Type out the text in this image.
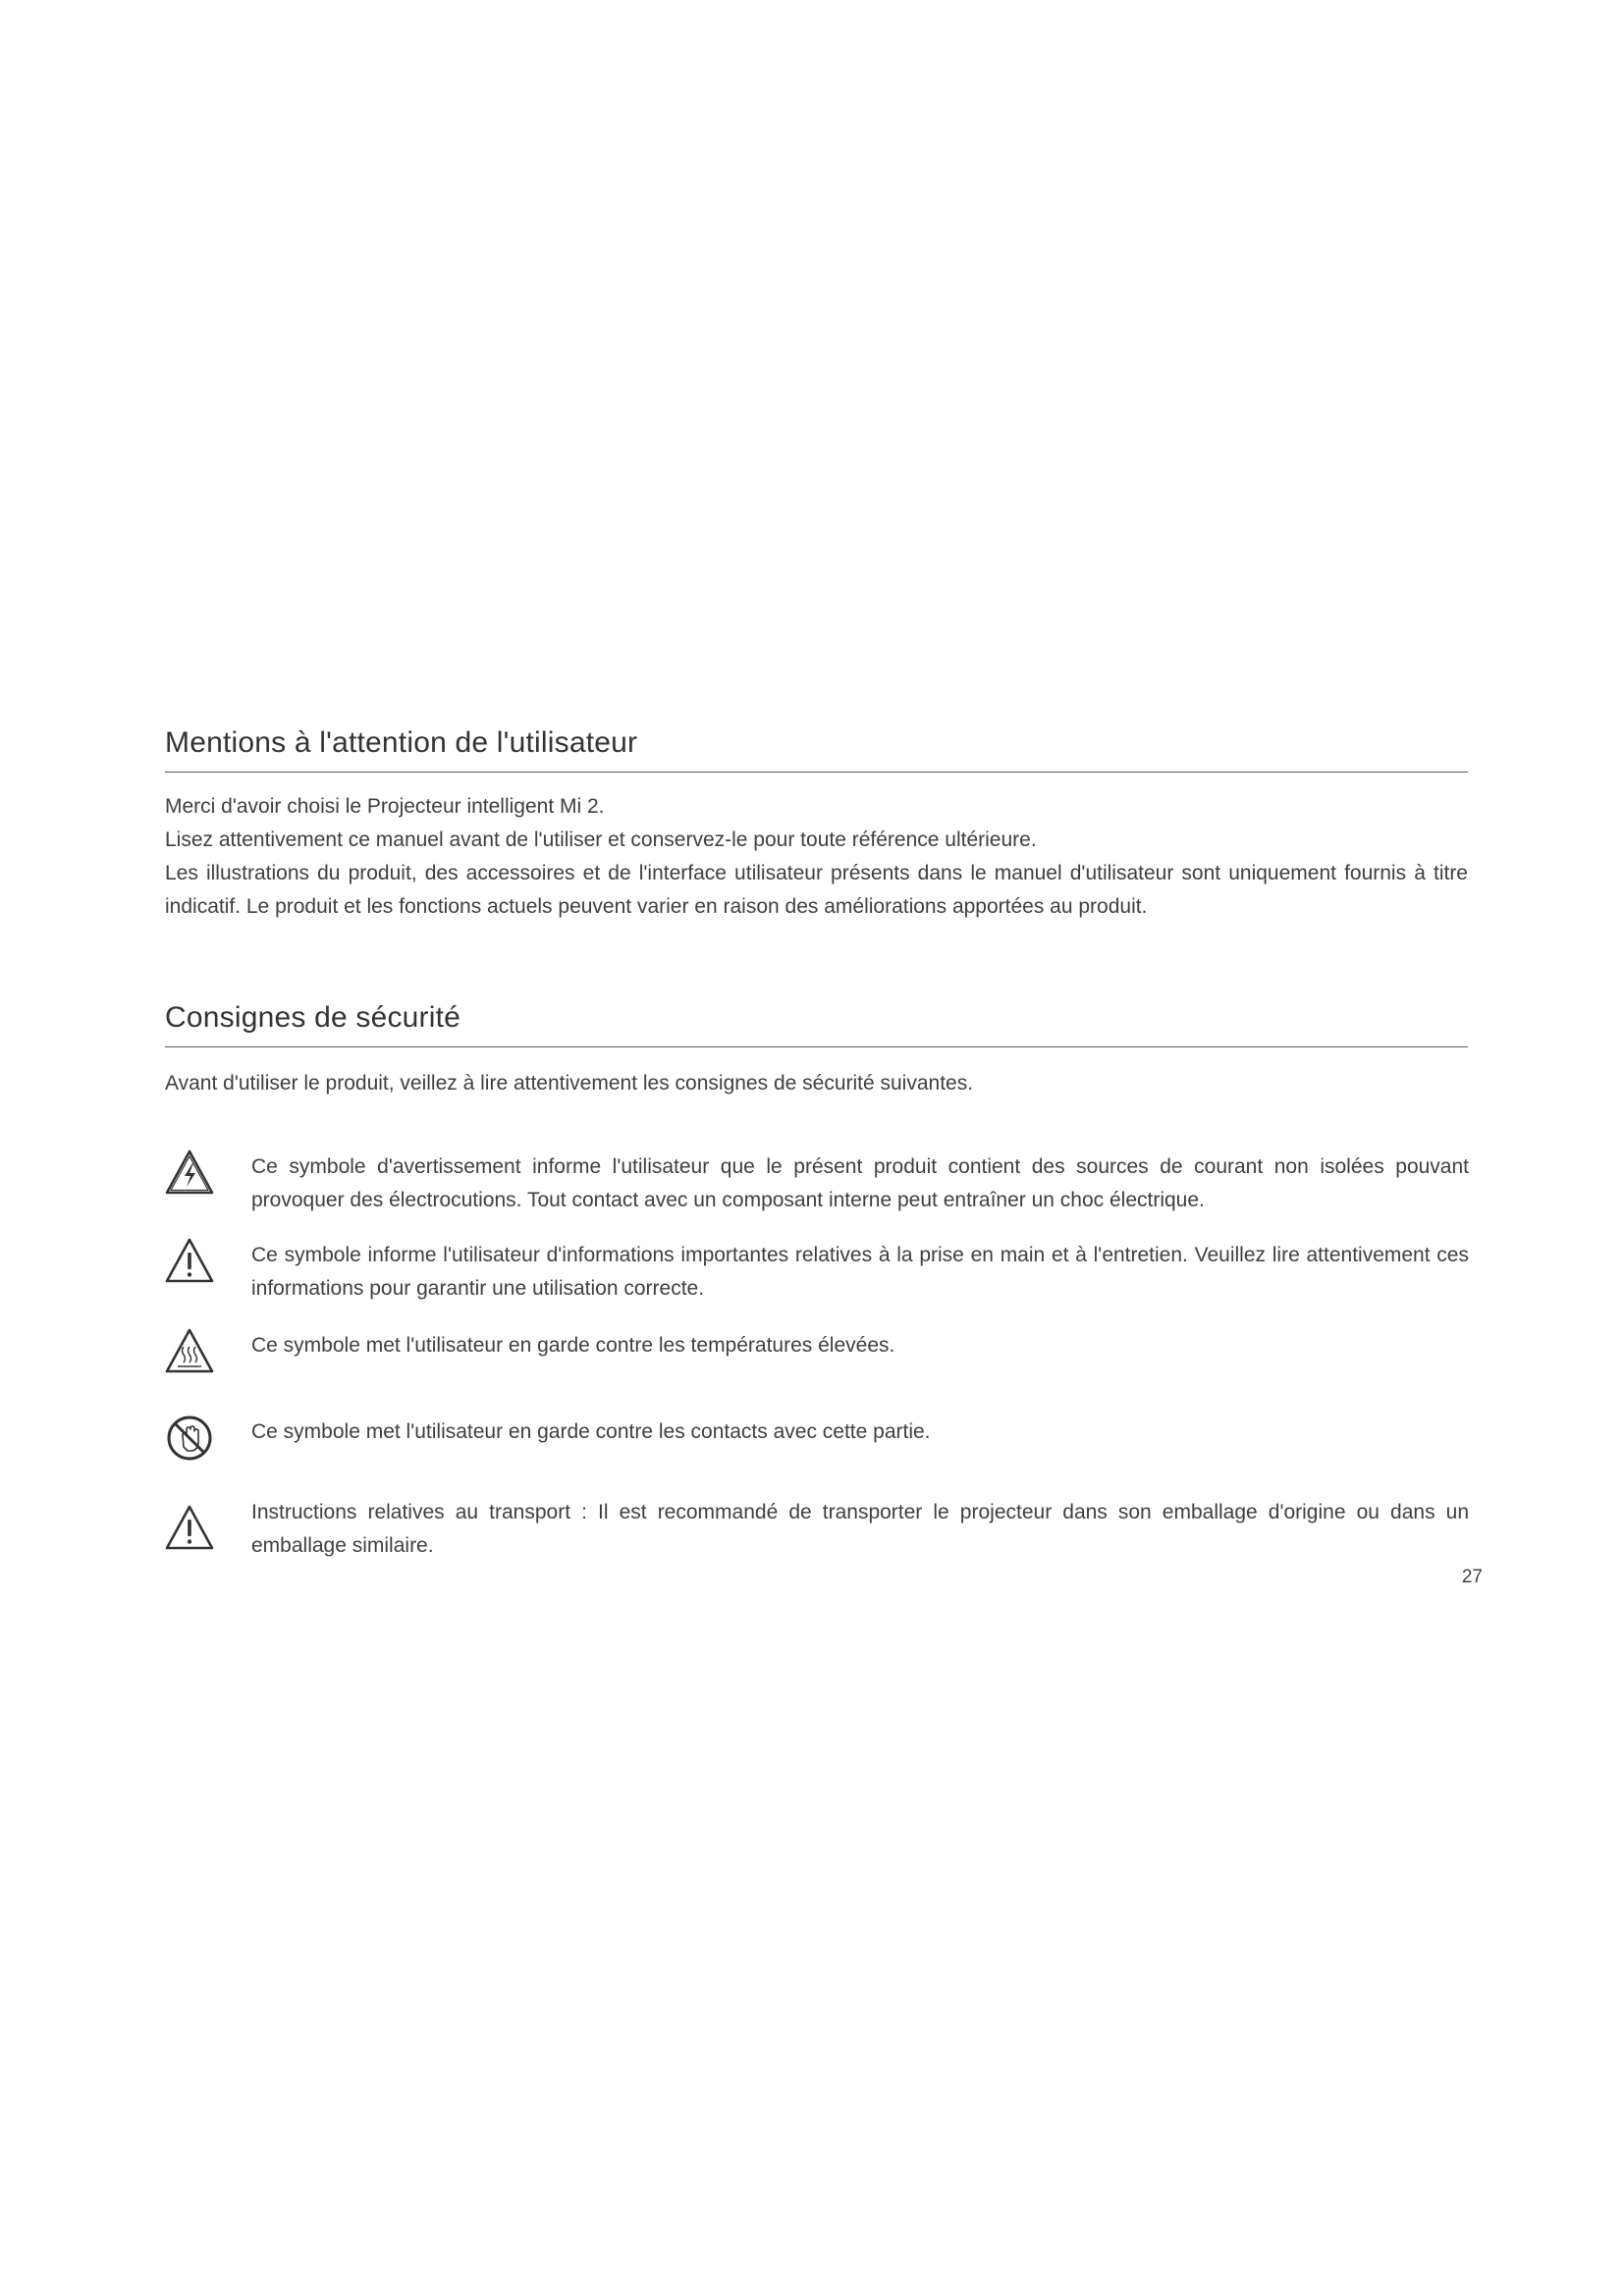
Mentions à l'attention de l'utilisateur

Merci d'avoir choisi le Projecteur intelligent Mi 2.

Lisez attentivement ce manuel avant de l'utiliser et conservez-le pour toute référence ultérieure.

Les illustrations du produit, des accessoires et de l'interface utilisateur présents dans le manuel d'utilisateur sont uniquement fournis à titre indicatif. Le produit et les fonctions actuels peuvent varier en raison des améliorations apportées au produit.

Consignes de sécurité

Avant d'utiliser le produit, veillez à lire attentivement les consignes de sécurité suivantes.

Ce symbole d'avertissement informe l'utilisateur que le présent produit contient des sources de courant non isolées pouvant provoquer des électrocutions. Tout contact avec un composant interne peut entraîner un choc électrique.
Ce symbole informe l'utilisateur d'informations importantes relatives à la prise en main et à l'entretien. Veuillez lire attentivement ces informations pour garantir une utilisation correcte.
Ce symbole met l'utilisateur en garde contre les températures élevées.
Ce symbole met l'utilisateur en garde contre les contacts avec cette partie.
Instructions relatives au transport : Il est recommandé de transporter le projecteur dans son emballage d'origine ou dans un emballage similaire.
27
